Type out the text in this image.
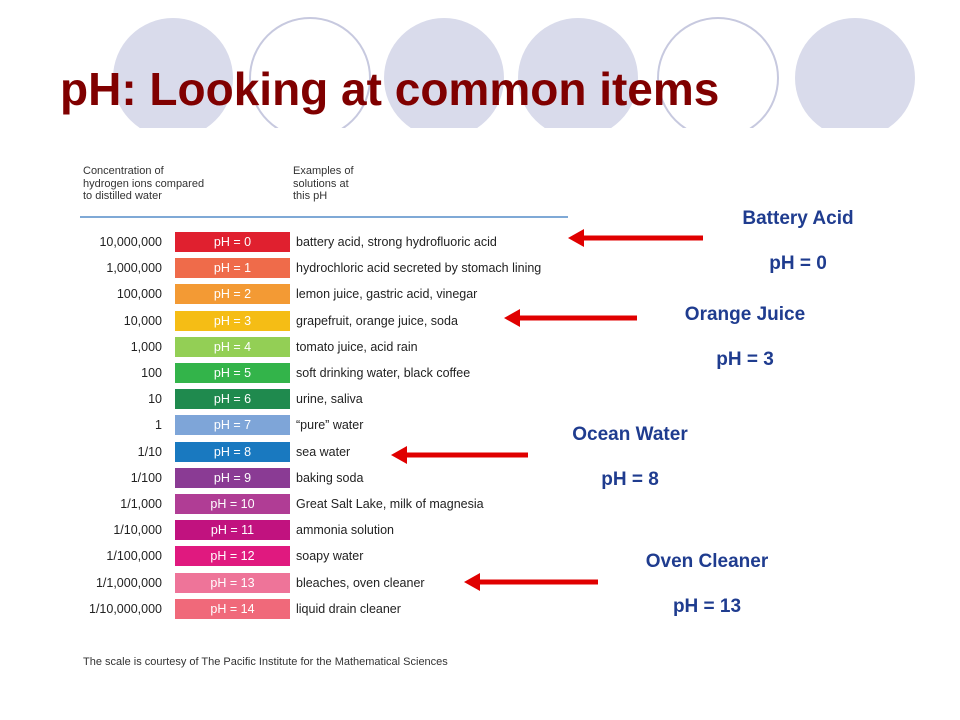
pH: Looking at common items
Concentration of
hydrogen ions compared
to distilled water
Examples of
solutions at
this pH
10,000,000	pH = 0	battery acid, strong hydrofluoric acid
1,000,000	pH = 1	hydrochloric acid secreted by stomach lining
100,000	pH = 2	lemon juice, gastric acid, vinegar
10,000	pH = 3	grapefruit, orange juice, soda
1,000	pH = 4	tomato juice, acid rain
100	pH = 5	soft drinking water, black coffee
10	pH = 6	urine, saliva
1	pH = 7	“pure” water
1/10	pH = 8	sea water
1/100	pH = 9	baking soda
1/1,000	pH = 10	Great Salt Lake, milk of magnesia
1/10,000	pH = 11	ammonia solution
1/100,000	pH = 12	soapy water
1/1,000,000	pH = 13	bleaches, oven cleaner
1/10,000,000	pH = 14	liquid drain cleaner
The scale is courtesy of The Pacific Institute for the Mathematical Sciences
Battery Acid
pH = 0
Orange Juice
pH = 3
Ocean Water
pH = 8
Oven Cleaner
pH = 13
